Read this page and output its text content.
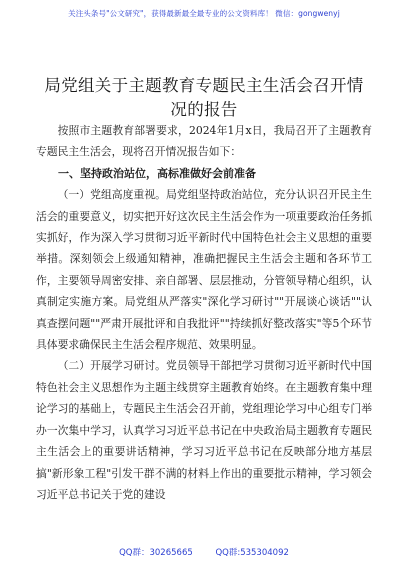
关注头条号"公文研究"，获得最新最全最专业的公文资料库！ 微信：gongwenyj
局党组关于主题教育专题民主生活会召开情况的报告

按照市主题教育部署要求，2024年1月x日，我局召开了主题教育专题民主生活会，现将召开情况报告如下：

一、坚持政治站位，高标准做好会前准备

（一）党组高度重视。局党组坚持政治站位，充分认识召开民主生活会的重要意义，切实把开好这次民主生活会作为一项重要政治任务抓实抓好，作为深入学习贯彻习近平新时代中国特色社会主义思想的重要举措。深刻领会上级通知精神，准确把握民主生活会主题和各环节工作，主要领导周密安排、亲自部署、层层推动，分管领导精心组织，认真制定实施方案。局党组从严落实"深化学习研讨""开展谈心谈话""认真查摆问题""严肃开展批评和自我批评""持续抓好整改落实"等5个环节具体要求确保民主生活会程序规范、效果明显。

（二）开展学习研讨。党员领导干部把学习贯彻习近平新时代中国特色社会主义思想作为主题主线贯穿主题教育始终。在主题教育集中理论学习的基础上，专题民主生活会召开前，党组理论学习中心组专门举办一次集中学习，认真学习习近平总书记在中央政治局主题教育专题民主生活会上的重要讲话精神，学习习近平总书记在反映部分地方基层搞"新形象工程"引发干群不满的材料上作出的重要批示精神，学习领会习近平总书记关于党的建设

QQ群：30265665	QQ群:535304092
